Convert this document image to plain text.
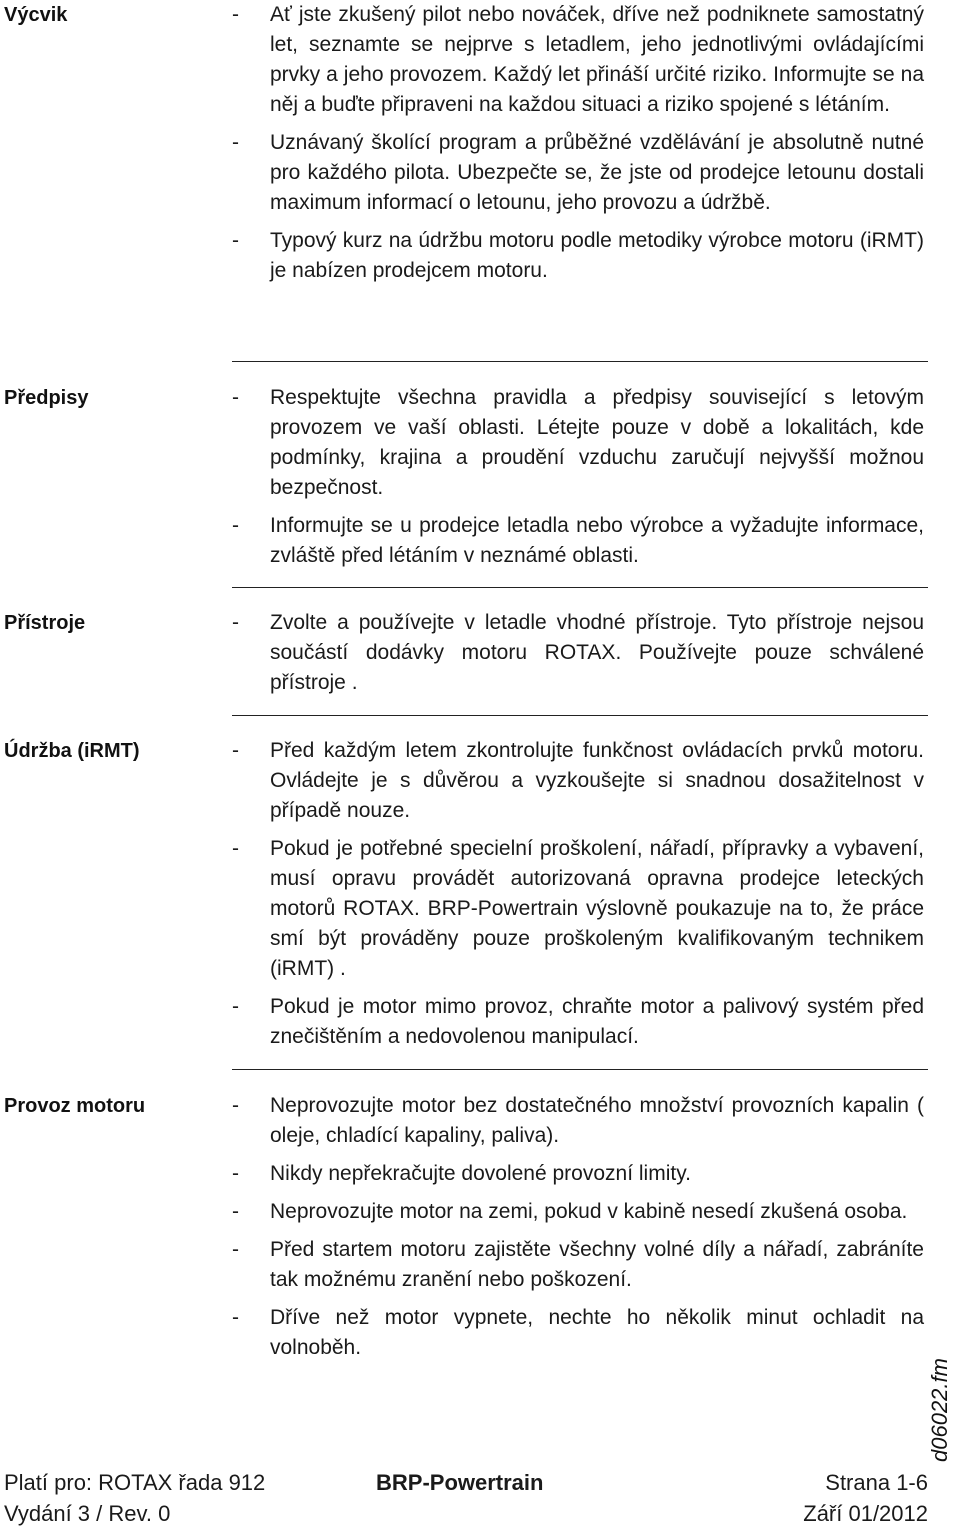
Výcvik	- Ať jste zkušený pilot nebo nováček, dříve než podniknete samostatný let, seznamte se nejprve s letadlem, jeho jednotlivými ovládajícími prvky a jeho provozem. Každý let přináší určité riziko. Informujte se na něj a buďte připraveni na každou situaci a riziko spojené s létáním.
- Uznávaný školící program a průběžné vzdělávání je absolutně nutné pro každého pilota. Ubezpečte se, že jste od prodejce letounu dostali maximum informací o letounu, jeho provozu a údržbě.
- Typový kurz na údržbu motoru podle metodiky výrobce motoru (iRMT) je nabízen prodejcem motoru.
Předpisy	- Respektujte všechna pravidla a předpisy související s letovým provozem ve vaší oblasti. Létejte pouze v době a lokalitách, kde podmínky, krajina a proudění vzduchu zaručují nejvyšší možnou bezpečnost.
- Informujte se u prodejce letadla nebo výrobce a vyžadujte informace, zvláště před létáním v neznámé oblasti.
Přístroje	- Zvolte a používejte v letadle vhodné přístroje. Tyto přístroje nejsou součástí dodávky motoru ROTAX. Používejte pouze schválené přístroje .
Údržba (iRMT)	- Před každým letem zkontrolujte funkčnost ovládacích prvků motoru. Ovládejte je s důvěrou a vyzkoušejte si snadnou dosažitelnost v případě nouze.
- Pokud je potřebné specielní proškolení, nářadí, přípravky a vybavení, musí opravu provádět autorizovaná opravna prodejce leteckých motorů ROTAX. BRP-Powertrain výslovně poukazuje na to, že práce smí být prováděny pouze proškoleným kvalifikovaným technikem (iRMT) .
- Pokud je motor mimo provoz, chraňte motor a palivový systém před znečištěním a nedovolenou manipulací.
Provoz motoru	- Neprovozujte motor bez dostatečného množství provozních kapalin ( oleje, chladící kapaliny, paliva).
- Nikdy nepřekračujte dovolené provozní limity.
- Neprovozujte motor na zemi, pokud v kabině nesedí zkušená osoba.
- Před startem motoru zajistěte všechny volné díly a nářadí, zabráníte tak možnému zranění nebo poškození.
- Dříve než motor vypnete, nechte ho několik minut ochladit na volnoběh.
d06022.fm
Platí pro: ROTAX řada 912	BRP-Powertrain	Strana 1-6
Vydání 3 / Rev. 0	Září 01/2012
